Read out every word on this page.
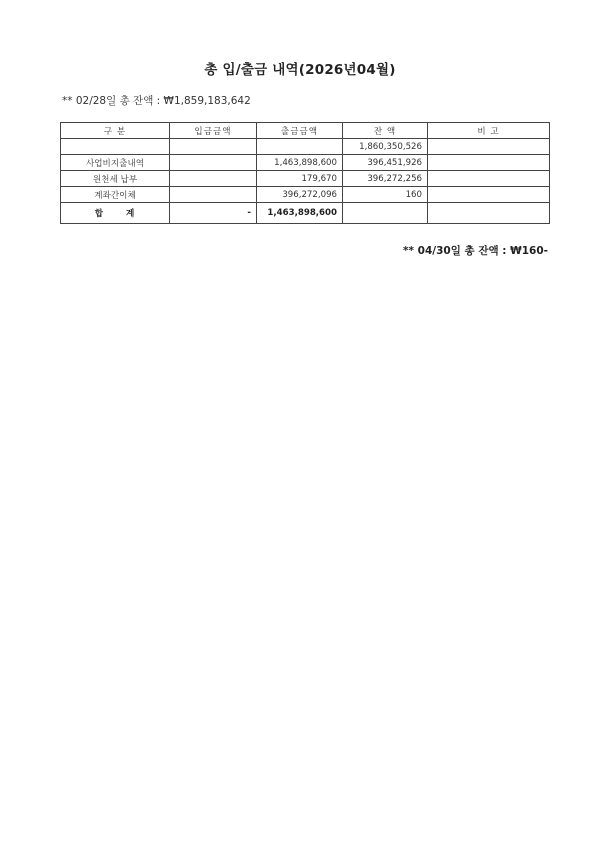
총 입/출금 내역(2026년04월)
** 02/28일 총 잔액 : ₩1,859,183,642
구 분	입금금액	출금금액	잔 액	비 고
			1,860,350,526	
사업비지출내역		1,463,898,600	396,451,926	
원천세 납부		179,670	396,272,256	
계좌간이체		396,272,096	160	
합 계	-	1,463,898,600		
** 04/30일 총 잔액 : ₩160-
